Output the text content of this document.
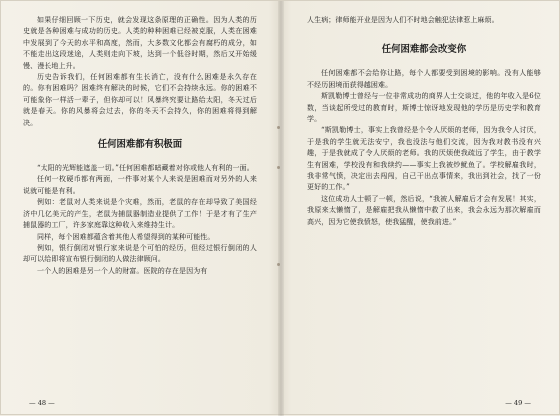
如果仔细回顾一下历史，就会发现这条原理的正确性。因为人类的历史就是各种困难与成功的历史。人类的种种困难已经被克服，人类在困难中发展到了今天的水平和高度，然而，大多数文化都会有腐朽的成分，如不能走出这段迷途，人类则走向下坡，达到一个低谷时期，然后又开始缓慢、漫长地上升。

历史告诉我们，任何困难都有生长消亡，没有什么困难是永久存在的。你有困难吗？困难终有解决的时候，它们不会持续永远。你的困难不可能象你一样活一辈子，但你却可以！风暴终究要让路给太阳，冬天过后就是春天。你的风暴将会过去，你的冬天不会持久，你的困难将得到解决。

任何困难都有积极面

“太阳的光辉能遮盖一切。”任何困难都暗藏着对你或他人有利的一面。

任何一枚硬币都有两面，一件事对某个人来说是困难而对另外的人来说就可能是有利。

例如：老鼠对人类来说是个灾难，然而，老鼠的存在却导致了美国经济中几亿美元的产生，老鼠为捕鼠器制造业提供了工作！于是才有了生产捕鼠器的工厂，许多家庭靠这种收入来维持生计。

同样，每个困难都蕴含着其他人希望得到的某种可能性。

例如，银行倒闭对银行家来说是个可怕的经历，但经过银行倒闭的人却可以给即将宣布银行倒闭的人做法律顾问。

一个人的困难是另一个人的财富。医院的存在是因为有

— 48 —

人生病；律师能开业是因为人们不时地会触犯法律惹上麻烦。

任何困难都会改变你

任何困难都不会给你让路，每个人都要受到困境的影响。没有人能够不经历困境而获得越困难。

斯凯勒博士曾经与一位非常成功的商界人士交谈过，他的年收入是6位数，当谈起所受过的教育时，斯博士惊讶地发现他的学历是历史学和教育学。

“斯凯勒博士，事实上我曾经是个令人厌烦的老师，因为我令人讨厌，于是我的学生就无法安宁，我也没法与他们交流，因为我对教书没有兴趣，于是我就成了令人厌烦的老师。我的厌烦使我疏远了学生，由于教学生有困难，学校没有和我续约——事实上我被炒鱿鱼了。学校解雇我时，我非常气愤，决定出去闯闯，自己干出点事情来，我出到社会，找了一份更好的工作。”

这位成功人士顿了一顿，然后说，“我被人解雇后才会有发展！其实，我原来太懒惰了，是解雇把我从懒惰中救了出来，我会永远为那次解雇而高兴，因为它使我愤怒，使我猛醒，使我前进。”

— 49 —
